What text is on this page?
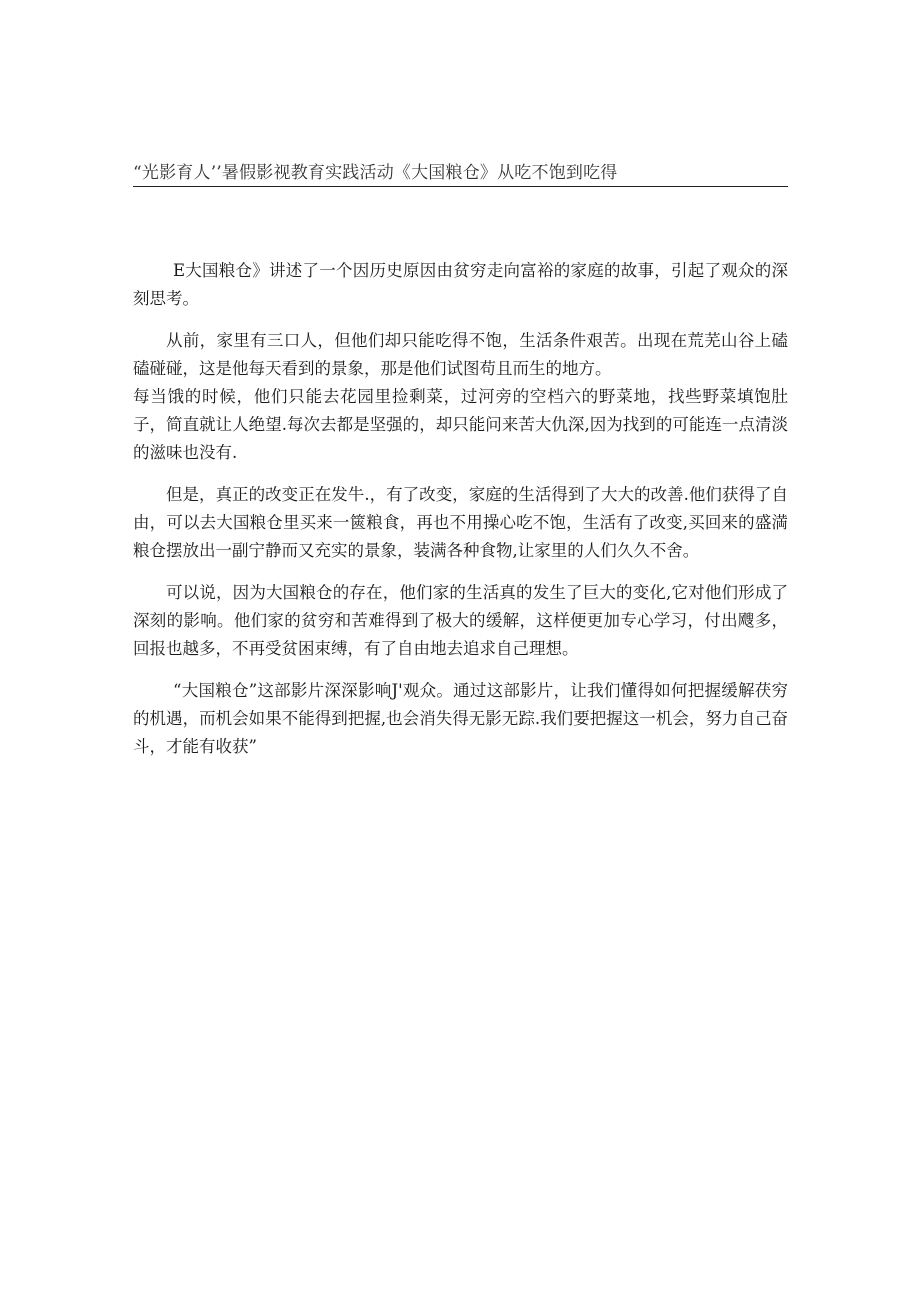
“光影育人’’暑假影视教育实践活动《大国粮仓》从吃不饱到吃得

E大国粮仓》讲述了一个因历史原因由贫穷走向富裕的家庭的故事，引起了观众的深刻思考。

从前，家里有三口人，但他们却只能吃得不饱，生活条件艰苦。出现在荒芜山谷上磕磕碰碰，这是他每天看到的景象，那是他们试图苟且而生的地方。

每当饿的时候，他们只能去花园里捡剩菜，过河旁的空档六的野菜地，找些野菜填饱肚子，简直就让人绝望.每次去都是坚强的，却只能问来苦大仇深,因为找到的可能连一点清淡的滋味也没有.

但是，真正的改变正在发牛.，有了改变，家庭的生活得到了大大的改善.他们获得了自由，可以去大国粮仓里买来一篋粮食，再也不用操心吃不饱，生活有了改变,买回来的盛満粮仓摆放出一副宁静而又充实的景象，装满各种食物,让家里的人们久久不舍。

可以说，因为大国粮仓的存在，他们家的生活真的发生了巨大的变化,它对他们形成了深刻的影响。他们家的贫穷和苦难得到了极大的缓解，这样便更加专心学习，付出飕多，回报也越多，不再受贫困束缚，有了自由地去追求自己理想。

“大国粮仓”这部影片深深影响J'观众。通过这部影片，让我们懂得如何把握缓解茯穷的机遇，而机会如果不能得到把握,也会消失得无影无踪.我们要把握这一机会，努力自己奋斗，才能有收获”
